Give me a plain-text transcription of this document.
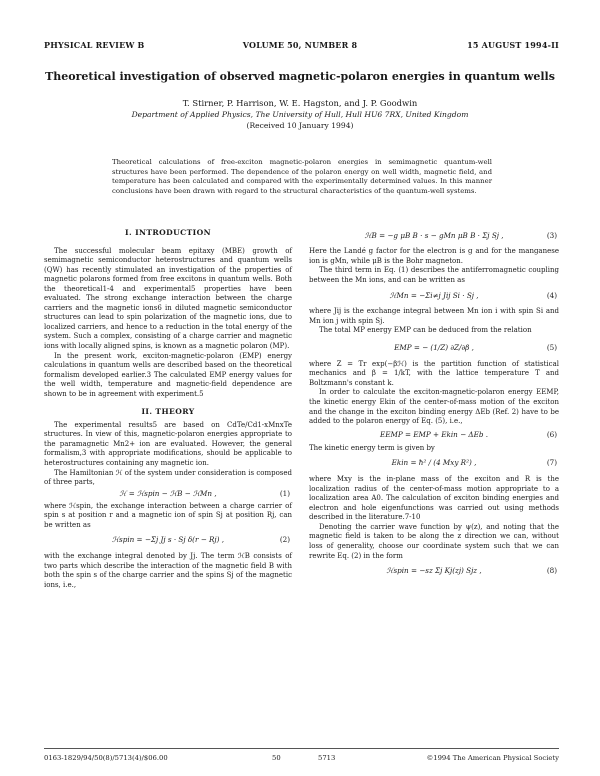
PHYSICAL REVIEW B	VOLUME 50, NUMBER 8	15 AUGUST 1994-II
Theoretical investigation of observed magnetic-polaron energies in quantum wells
T. Stirner, P. Harrison, W. E. Hagston, and J. P. Goodwin
Department of Applied Physics, The University of Hull, Hull HU6 7RX, United Kingdom
(Received 10 January 1994)
Theoretical calculations of free-exciton magnetic-polaron energies in semimagnetic quantum-well structures have been performed. The dependence of the polaron energy on well width, magnetic field, and temperature has been calculated and compared with the experimentally determined values. In this manner conclusions have been drawn with regard to the structural characteristics of the quantum-well systems.

I. INTRODUCTION

The successful molecular beam epitaxy (MBE) growth of semimagnetic semiconductor heterostructures and quantum wells (QW) has recently stimulated an investigation of the properties of magnetic polarons formed from free excitons in quantum wells. Both the theoretical1-4 and experimental5 properties have been evaluated. The strong exchange interaction between the charge carriers and the magnetic ions6 in diluted magnetic semiconductor structures can lead to spin polarization of the magnetic ions, due to localized carriers, and hence to a reduction in the total energy of the system. Such a complex, consisting of a charge carrier and magnetic ions with locally aligned spins, is known as a magnetic polaron (MP).

In the present work, exciton-magnetic-polaron (EMP) energy calculations in quantum wells are described based on the theoretical formalism developed earlier.3 The calculated EMP energy values for the well width, temperature and magnetic-field dependence are shown to be in agreement with experiment.5

II. THEORY

The experimental results5 are based on CdTe/Cd1-xMnxTe structures. In view of this, magnetic-polaron energies appropriate to the paramagnetic Mn2+ ion are evaluated. However, the general formalism,3 with appropriate modifications, should be applicable to heterostructures containing any magnetic ion.

The Hamiltonian ℋ of the system under consideration is composed of three parts,

ℋ = ℋspin − ℋB − ℋMn ,	(1)

where ℋspin, the exchange interaction between a charge carrier of spin s at position r and a magnetic ion of spin Sj at position Rj, can be written as

ℋspin = −Σj Jj s · Sj δ(r − Rj) ,	(2)

with the exchange integral denoted by Jj. The term ℋB consists of two parts which describe the interaction of the magnetic field B with both the spin s of the charge carrier and the spins Sj of the magnetic ions, i.e.,

ℋB = −g μB B · s − gMn μB B · Σj Sj ,	(3)

Here the Landé g factor for the electron is g and for the manganese ion is gMn, while μB is the Bohr magneton.

The third term in Eq. (1) describes the antiferromagnetic coupling between the Mn ions, and can be written as

ℋMn = −Σi≠j Jij Si · Sj ,	(4)

where Jij is the exchange integral between Mn ion i with spin Si and Mn ion j with spin Sj.

The total MP energy EMP can be deduced from the relation

EMP = − (1/Z) ∂Z/∂β ,	(5)

where Z = Tr exp(−βℋ) is the partition function of statistical mechanics and β = 1/kT, with the lattice temperature T and Boltzmann's constant k.

In order to calculate the exciton-magnetic-polaron energy EEMP, the kinetic energy Ekin of the center-of-mass motion of the exciton and the change in the exciton binding energy ΔEb (Ref. 2) have to be added to the polaron energy of Eq. (5), i.e.,

EEMP = EMP + Ekin − ΔEb .	(6)

The kinetic energy term is given by

Ekin = ħ² / (4 Mxy R²) ,	(7)

where Mxy is the in-plane mass of the exciton and R is the localization radius of the center-of-mass motion appropriate to a localization area A0. The calculation of exciton binding energies and electron and hole eigenfunctions was carried out using methods described in the literature.7-10

Denoting the carrier wave function by ψ(z), and noting that the magnetic field is taken to be along the z direction we can, without loss of generality, choose our coordinate system such that we can rewrite Eq. (2) in the form

ℋspin = −sz Σj Kj(zj) Sjz ,	(8)
0163-1829/94/50(8)/5713(4)/$06.00	50	5713	©1994 The American Physical Society
